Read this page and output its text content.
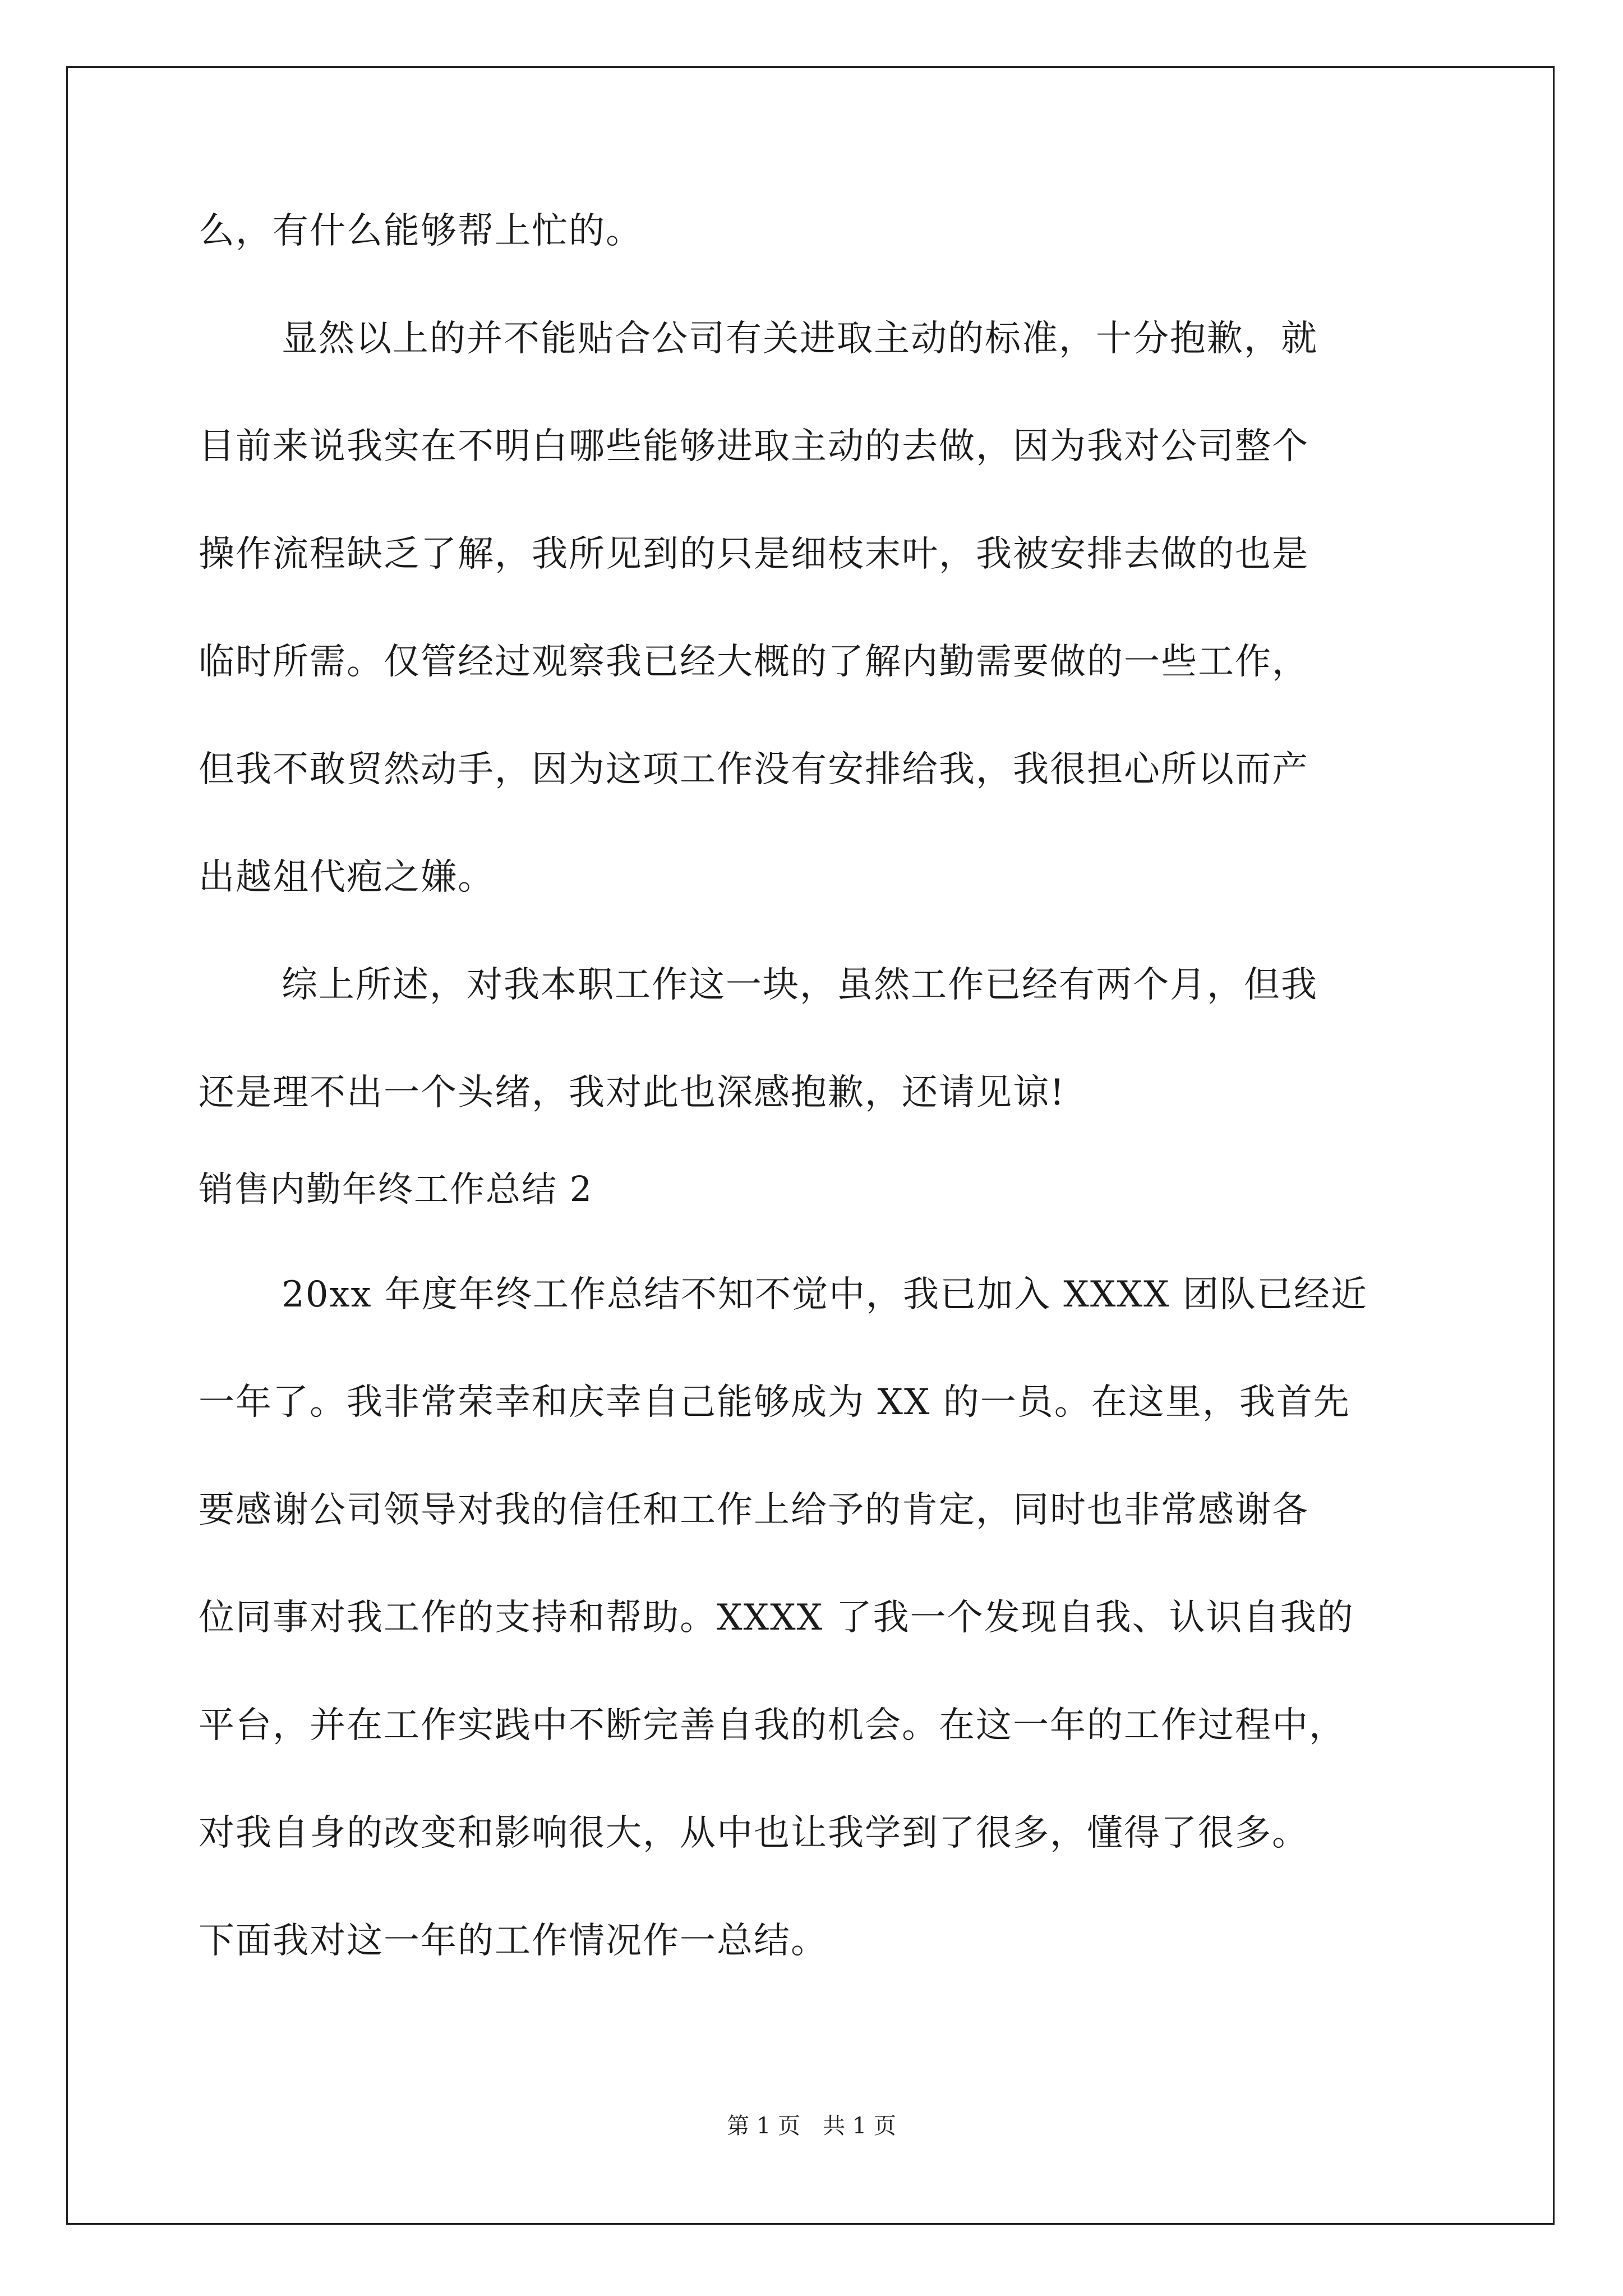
么，有什么能够帮上忙的。
显然以上的并不能贴合公司有关进取主动的标准，十分抱歉，就
目前来说我实在不明白哪些能够进取主动的去做，因为我对公司整个
操作流程缺乏了解，我所见到的只是细枝末叶，我被安排去做的也是
临时所需。仅管经过观察我已经大概的了解内勤需要做的一些工作，
但我不敢贸然动手，因为这项工作没有安排给我，我很担心所以而产
出越俎代疱之嫌。
综上所述，对我本职工作这一块，虽然工作已经有两个月，但我
还是理不出一个头绪，我对此也深感抱歉，还请见谅!
销售内勤年终工作总结 2
20xx 年度年终工作总结不知不觉中，我已加入 XXXX 团队已经近
一年了。我非常荣幸和庆幸自己能够成为 XX 的一员。在这里，我首先
要感谢公司领导对我的信任和工作上给予的肯定，同时也非常感谢各
位同事对我工作的支持和帮助。XXXX 了我一个发现自我、认识自我的
平台，并在工作实践中不断完善自我的机会。在这一年的工作过程中，
对我自身的改变和影响很大，从中也让我学到了很多，懂得了很多。
下面我对这一年的工作情况作一总结。
第 1 页　共 1 页
